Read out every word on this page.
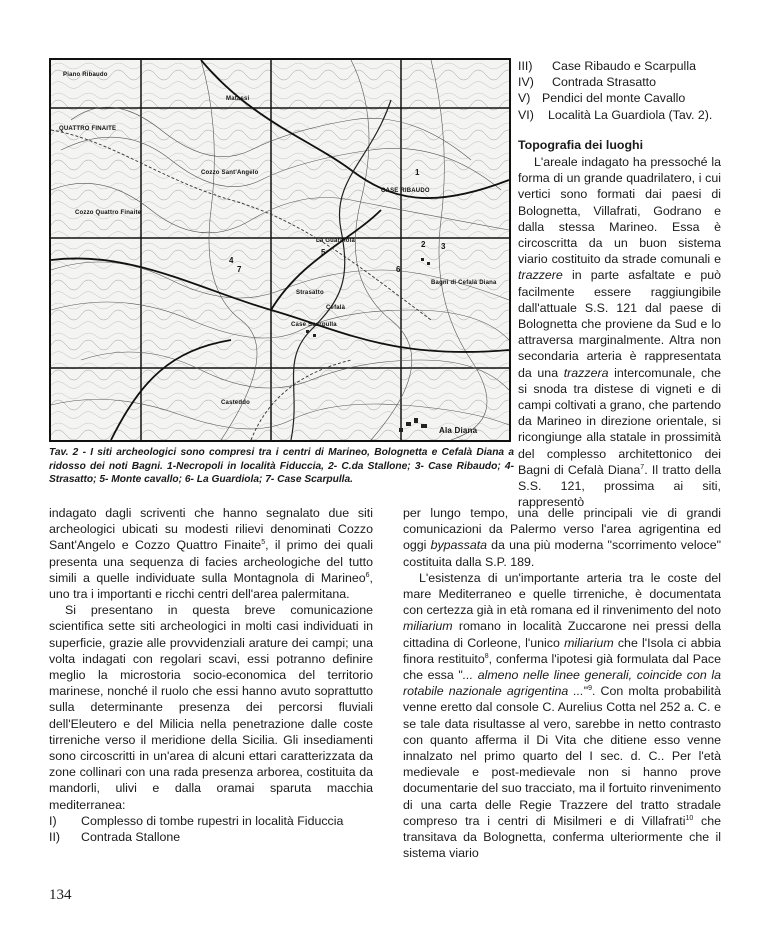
Piano Ribaudo
Matassi
QUATTRO FINAITE
Cozzo Quattro Finaite
Cozzo Sant'Angelo
La Guardiola
Cefalà
Bagni di Cefalà Diana
Case Scarpulla
Casteddo
CASE RIBAUDO
Strasatto
Ala Diana
1
2 3
4
5
6
7
Tav. 2 - I siti archeologici sono compresi tra i centri di Marineo, Bolognetta e Cefalà Diana a ridosso dei noti Bagni. 1-Necropoli in località Fiduccia, 2- C.da Stallone; 3- Case Ribaudo; 4- Strasatto; 5- Monte cavallo; 6- La Guardiola; 7- Case Scarpulla.
III) Case Ribaudo e Scarpulla
IV) Contrada Strasatto
V) Pendici del monte Cavallo
VI) Località La Guardiola (Tav. 2).
Topografia dei luoghi

L'areale indagato ha pressoché la forma di un grande quadrilatero, i cui vertici sono formati dai paesi di Bolognetta, Villafrati, Godrano e dalla stessa Marineo. Essa è circoscritta da un buon sistema viario costituito da strade comunali e trazzere in parte asfaltate e può facilmente essere raggiungibile dall'attuale S.S. 121 dal paese di Bolognetta che proviene da Sud e lo attraversa marginalmente. Altra non secondaria arteria è rappresentata da una trazzera intercomunale, che si snoda tra distese di vigneti e di campi coltivati a grano, che partendo da Marineo in direzione orientale, si ricongiunge alla statale in prossimità del complesso architettonico dei Bagni di Cefalà Diana$^7$. Il tratto della S.S. 121, prossima ai siti, rappresentò

indagato dagli scriventi che hanno segnalato due siti archeologici ubicati su modesti rilievi denominati Cozzo Sant'Angelo e Cozzo Quattro Finaite$^5$, il primo dei quali presenta una sequenza di facies archeologiche del tutto simili a quelle individuate sulla Montagnola di Marineo$^6$, uno tra i importanti e ricchi centri dell'area palermitana.

Si presentano in questa breve comunicazione scientifica sette siti archeologici in molti casi individuati in superficie, grazie alle provvidenziali arature dei campi; una volta indagati con regolari scavi, essi potranno definire meglio la microstoria socio-economica del territorio marinese, nonché il ruolo che essi hanno avuto soprattutto sulla determinante presenza dei percorsi fluviali dell'Eleutero e del Milicia nella penetrazione dalle coste tirreniche verso il meridione della Sicilia. Gli insediamenti sono circoscritti in un'area di alcuni ettari caratterizzata da zone collinari con una rada presenza arborea, costituita da mandorli, ulivi e dalla oramai sparuta macchia mediterranea:

I) Complesso di tombe rupestri in località Fiduccia
II) Contrada Stallone

per lungo tempo, una delle principali vie di grandi comunicazioni da Palermo verso l'area agrigentina ed oggi bypassata da una più moderna "scorrimento veloce" costituita dalla S.P. 189.

L'esistenza di un'importante arteria tra le coste del mare Mediterraneo e quelle tirreniche, è documentata con certezza già in età romana ed il rinvenimento del noto miliarium romano in località Zuccarone nei pressi della cittadina di Corleone, l'unico miliarium che l'Isola ci abbia finora restituito$^8$, conferma l'ipotesi già formulata dal Pace che essa "... almeno nelle linee generali, coincide con la rotabile nazionale agrigentina ..."$^9$. Con molta probabilità venne eretto dal console C. Aurelius Cotta nel 252 a. C. e se tale data risultasse al vero, sarebbe in netto contrasto con quanto afferma il Di Vita che ditiene esso venne innalzato nel primo quarto del I sec. d. C.. Per l'età medievale e post-medievale non si hanno prove documentarie del suo tracciato, ma il fortuito rinvenimento di una carta delle Regie Trazzere del tratto stradale compreso tra i centri di Misilmeri e di Villafrati$^{10}$ che transitava da Bolognetta, conferma ulteriormente che il sistema viario

134
